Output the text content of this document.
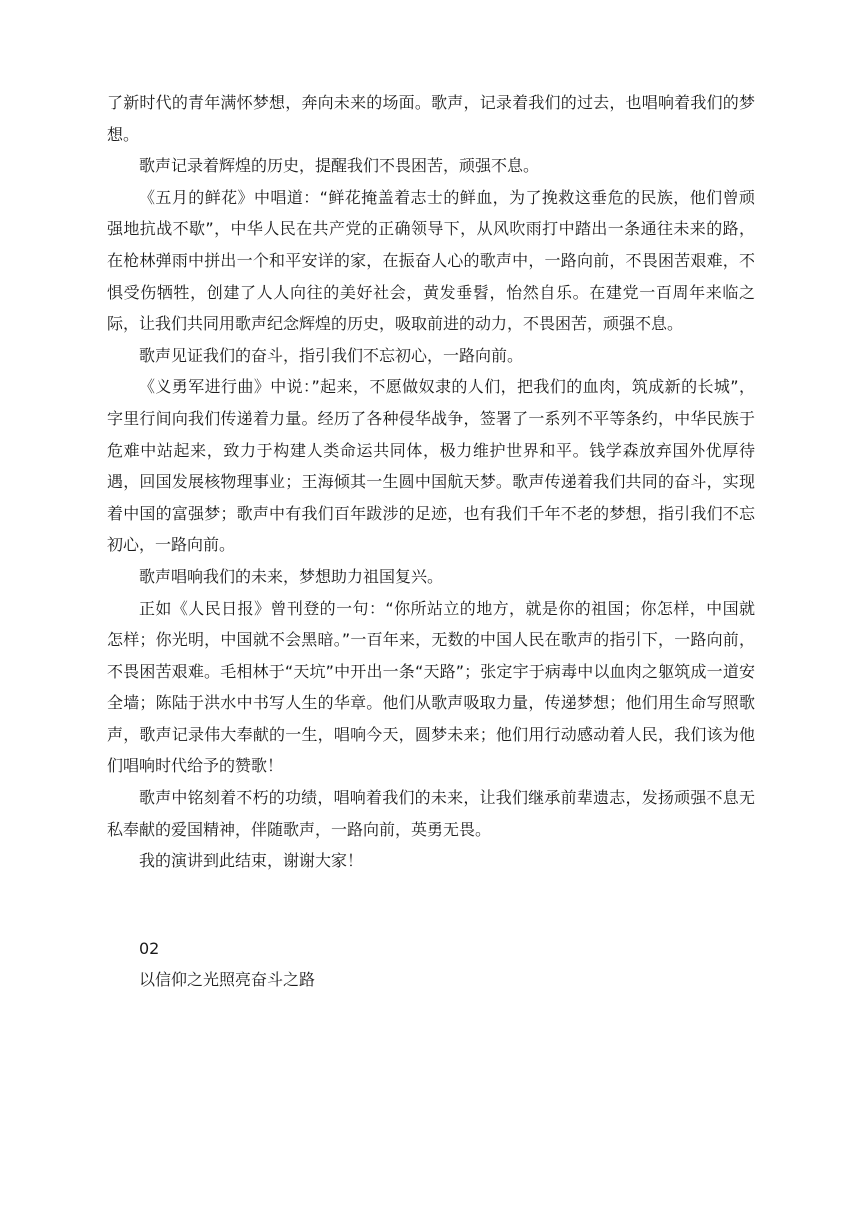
了新时代的青年满怀梦想，奔向未来的场面。歌声，记录着我们的过去，也唱响着我们的梦想。

歌声记录着辉煌的历史，提醒我们不畏困苦，顽强不息。

《五月的鲜花》中唱道：“鲜花掩盖着志士的鲜血，为了挽救这垂危的民族，他们曾顽强地抗战不歇”，中华人民在共产党的正确领导下，从风吹雨打中踏出一条通往未来的路，在枪林弹雨中拼出一个和平安详的家，在振奋人心的歌声中，一路向前，不畏困苦艰难，不惧受伤牺牲，创建了人人向往的美好社会，黄发垂髫，怡然自乐。在建党一百周年来临之际，让我们共同用歌声纪念辉煌的历史，吸取前进的动力，不畏困苦，顽强不息。

歌声见证我们的奋斗，指引我们不忘初心，一路向前。

《义勇军进行曲》中说：”起来，不愿做奴隶的人们，把我们的血肉，筑成新的长城”，字里行间向我们传递着力量。经历了各种侵华战争，签署了一系列不平等条约，中华民族于危难中站起来，致力于构建人类命运共同体，极力维护世界和平。钱学森放弃国外优厚待遇，回国发展核物理事业；王海倾其一生圆中国航天梦。歌声传递着我们共同的奋斗，实现着中国的富强梦；歌声中有我们百年跋涉的足迹，也有我们千年不老的梦想，指引我们不忘初心，一路向前。

歌声唱响我们的未来，梦想助力祖国复兴。

正如《人民日报》曾刊登的一句：“你所站立的地方，就是你的祖国；你怎样，中国就怎样；你光明，中国就不会黑暗。”一百年来，无数的中国人民在歌声的指引下，一路向前，不畏困苦艰难。毛相林于“天坑”中开出一条“天路”；张定宇于病毒中以血肉之躯筑成一道安全墙；陈陆于洪水中书写人生的华章。他们从歌声吸取力量，传递梦想；他们用生命写照歌声，歌声记录伟大奉献的一生，唱响今天，圆梦未来；他们用行动感动着人民，我们该为他们唱响时代给予的赞歌！

歌声中铭刻着不朽的功绩，唱响着我们的未来，让我们继承前辈遗志，发扬顽强不息无私奉献的爱国精神，伴随歌声，一路向前，英勇无畏。

我的演讲到此结束，谢谢大家！

02

以信仰之光照亮奋斗之路
